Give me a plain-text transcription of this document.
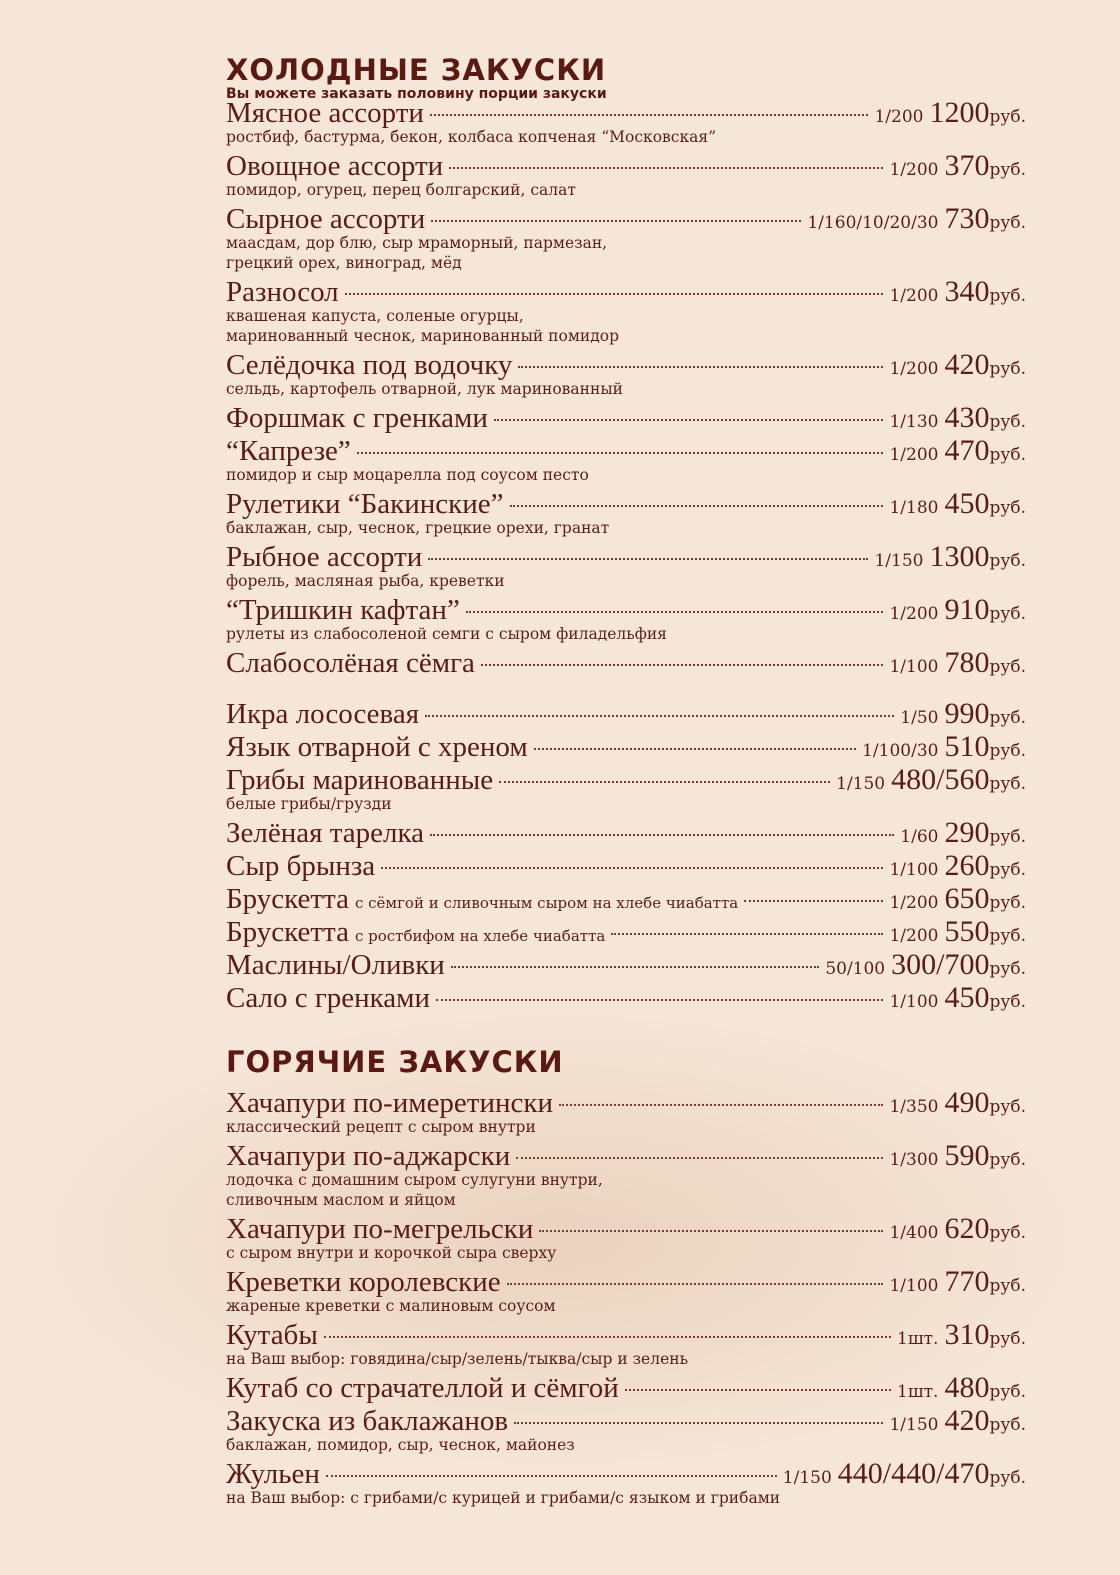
ХОЛОДНЫЕ ЗАКУСКИ
Вы можете заказать половину порции закуски
Мясное ассорти	1/200 1200 руб.
ростбиф, бастурма, бекон, колбаса копченая “Московская”
Овощное ассорти	1/200 370 руб.
помидор, огурец, перец болгарский, салат
Сырное ассорти	1/160/10/20/30 730 руб.
маасдам, дор блю, сыр мраморный, пармезан,
грецкий орех, виноград, мёд
Разносол	1/200 340 руб.
квашеная капуста, соленые огурцы,
маринованный чеснок, маринованный помидор
Селёдочка под водочку	1/200 420 руб.
сельдь, картофель отварной, лук маринованный
Форшмак с гренками	1/130 430 руб.
“Капрезе”	1/200 470 руб.
помидор и сыр моцарелла под соусом песто
Рулетики “Бакинские”	1/180 450 руб.
баклажан, сыр, чеснок, грецкие орехи, гранат
Рыбное ассорти	1/150 1300 руб.
форель, масляная рыба, креветки
“Тришкин кафтан”	1/200 910 руб.
рулеты из слабосоленой семги с сыром филадельфия
Слабосолёная сёмга	1/100 780 руб.
Икра лососевая	1/50 990 руб.
Язык отварной с хреном	1/100/30 510 руб.
Грибы маринованные	1/150 480/560 руб.
белые грибы/грузди
Зелёная тарелка	1/60 290 руб.
Сыр брынза	1/100 260 руб.
Брускетта с сёмгой и сливочным сыром на хлебе чиабатта	1/200 650 руб.
Брускетта с ростбифом на хлебе чиабатта	1/200 550 руб.
Маслины/Оливки	50/100 300/700 руб.
Сало с гренками	1/100 450 руб.
ГОРЯЧИЕ ЗАКУСКИ
Хачапури по-имеретински	1/350 490 руб.
классический рецепт с сыром внутри
Хачапури по-аджарски	1/300 590 руб.
лодочка с домашним сыром сулугуни внутри,
сливочным маслом и яйцом
Хачапури по-мегрельски	1/400 620 руб.
с сыром внутри и корочкой сыра сверху
Креветки королевские	1/100 770 руб.
жареные креветки с малиновым соусом
Кутабы	1шт. 310 руб.
на Ваш выбор: говядина/сыр/зелень/тыква/сыр и зелень
Кутаб со страчателлой и сёмгой	1шт. 480 руб.
Закуска из баклажанов	1/150 420 руб.
баклажан, помидор, сыр, чеснок, майонез
Жульен	1/150 440/440/470 руб.
на Ваш выбор: с грибами/с курицей и грибами/с языком и грибами
